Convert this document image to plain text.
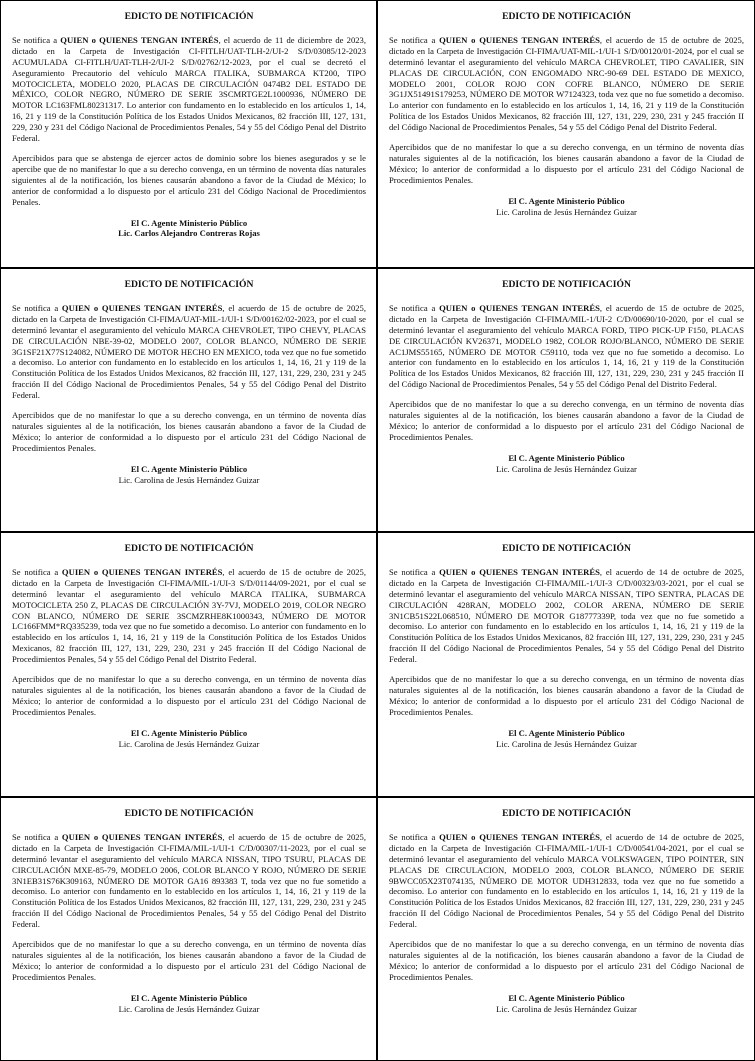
EDICTO DE NOTIFICACIÓN

Se notifica a QUIEN o QUIENES TENGAN INTERÉS, el acuerdo de 11 de diciembre de 2023, dictado en la Carpeta de Investigación CI-FITLH/UAT-TLH-2/UI-2 S/D/03085/12-2023 ACUMULADA CI-FITLH/UAT-TLH-2/UI-2 S/D/02762/12-2023, por el cual se decretó el Aseguramiento Precautorio del vehículo MARCA ITALIKA, SUBMARCA KT200, TIPO MOTOCICLETA, MODELO 2020, PLACAS DE CIRCULACIÓN 0474B2 DEL ESTADO DE MÉXICO, COLOR NEGRO, NÚMERO DE SERIE 3SCMRTGE2L1000936, NÚMERO DE MOTOR LC163FML80231317. Lo anterior con fundamento en lo establecido en los artículos 1, 14, 16, 21 y 119 de la Constitución Política de los Estados Unidos Mexicanos, 82 fracción III, 127, 131, 229, 230 y 231 del Código Nacional de Procedimientos Penales, 54 y 55 del Código Penal del Distrito Federal.

Apercibidos para que se abstenga de ejercer actos de dominio sobre los bienes asegurados y se le apercibe que de no manifestar lo que a su derecho convenga, en un término de noventa días naturales siguientes al de la notificación, los bienes causarán abandono a favor de la Ciudad de México; lo anterior de conformidad a lo dispuesto por el artículo 231 del Código Nacional de Procedimientos Penales.

El C. Agente Ministerio Público
Lic. Carlos Alejandro Contreras Rojas
EDICTO DE NOTIFICACIÓN

Se notifica a QUIEN o QUIENES TENGAN INTERÉS, el acuerdo de 15 de octubre de 2025, dictado en la Carpeta de Investigación CI-FIMA/UAT-MIL-1/UI-1 S/D/00120/01-2024, por el cual se determinó levantar el aseguramiento del vehículo MARCA CHEVROLET, TIPO CAVALIER, SIN PLACAS DE CIRCULACIÓN, CON ENGOMADO NRC-90-69 DEL ESTADO DE MEXICO, MODELO 2001, COLOR ROJO CON COFRE BLANCO, NÚMERO DE SERIE 3G1JX51491S179253, NÚMERO DE MOTOR W7124323, toda vez que no fue sometido a decomiso. Lo anterior con fundamento en lo establecido en los artículos 1, 14, 16, 21 y 119 de la Constitución Política de los Estados Unidos Mexicanos, 82 fracción III, 127, 131, 229, 230, 231 y 245 fracción II del Código Nacional de Procedimientos Penales, 54 y 55 del Código Penal del Distrito Federal.

Apercibidos que de no manifestar lo que a su derecho convenga, en un término de noventa días naturales siguientes al de la notificación, los bienes causarán abandono a favor de la Ciudad de México; lo anterior de conformidad a lo dispuesto por el artículo 231 del Código Nacional de Procedimientos Penales.

El C. Agente Ministerio Público
Lic. Carolina de Jesús Hernández Guizar
EDICTO DE NOTIFICACIÓN

Se notifica a QUIEN o QUIENES TENGAN INTERÉS, el acuerdo de 15 de octubre de 2025, dictado en la Carpeta de Investigación CI-FIMA/UAT-MIL-1/UI-1 S/D/00162/02-2023, por el cual se determinó levantar el aseguramiento del vehículo MARCA CHEVROLET, TIPO CHEVY, PLACAS DE CIRCULACIÓN NBE-39-02, MODELO 2007, COLOR BLANCO, NÚMERO DE SERIE 3G1SF21X77S124082, NÚMERO DE MOTOR HECHO EN MEXICO, toda vez que no fue sometido a decomiso. Lo anterior con fundamento en lo establecido en los artículos 1, 14, 16, 21 y 119 de la Constitución Política de los Estados Unidos Mexicanos, 82 fracción III, 127, 131, 229, 230, 231 y 245 fracción II del Código Nacional de Procedimientos Penales, 54 y 55 del Código Penal del Distrito Federal.

Apercibidos que de no manifestar lo que a su derecho convenga, en un término de noventa días naturales siguientes al de la notificación, los bienes causarán abandono a favor de la Ciudad de México; lo anterior de conformidad a lo dispuesto por el artículo 231 del Código Nacional de Procedimientos Penales.

El C. Agente Ministerio Público
Lic. Carolina de Jesús Hernández Guizar
EDICTO DE NOTIFICACIÓN

Se notifica a QUIEN o QUIENES TENGAN INTERÉS, el acuerdo de 15 de octubre de 2025, dictado en la Carpeta de Investigación CI-FIMA/MIL-1/UI-2 C/D/00690/10-2020, por el cual se determinó levantar el aseguramiento del vehículo MARCA FORD, TIPO PICK-UP F150, PLACAS DE CIRCULACIÓN KV26371, MODELO 1982, COLOR ROJO/BLANCO, NÚMERO DE SERIE AC1JMS55165, NÚMERO DE MOTOR C59110, toda vez que no fue sometido a decomiso. Lo anterior con fundamento en lo establecido en los artículos 1, 14, 16, 21 y 119 de la Constitución Política de los Estados Unidos Mexicanos, 82 fracción III, 127, 131, 229, 230, 231 y 245 fracción II del Código Nacional de Procedimientos Penales, 54 y 55 del Código Penal del Distrito Federal.

Apercibidos que de no manifestar lo que a su derecho convenga, en un término de noventa días naturales siguientes al de la notificación, los bienes causarán abandono a favor de la Ciudad de México; lo anterior de conformidad a lo dispuesto por el artículo 231 del Código Nacional de Procedimientos Penales.

El C. Agente Ministerio Público
Lic. Carolina de Jesús Hernández Guizar
EDICTO DE NOTIFICACIÓN

Se notifica a QUIEN o QUIENES TENGAN INTERÉS, el acuerdo de 15 de octubre de 2025, dictado en la Carpeta de Investigación CI-FIMA/MIL-1/UI-3 S/D/01144/09-2021, por el cual se determinó levantar el aseguramiento del vehículo MARCA ITALIKA, SUBMARCA MOTOCICLETA 250 Z, PLACAS DE CIRCULACIÓN 3Y-7VJ, MODELO 2019, COLOR NEGRO CON BLANCO, NÚMERO DE SERIE 3SCMZRHE8K1000343, NÚMERO DE MOTOR LC166FMM*RQ335239, toda vez que no fue sometido a decomiso. Lo anterior con fundamento en lo establecido en los artículos 1, 14, 16, 21 y 119 de la Constitución Política de los Estados Unidos Mexicanos, 82 fracción III, 127, 131, 229, 230, 231 y 245 fracción II del Código Nacional de Procedimientos Penales, 54 y 55 del Código Penal del Distrito Federal.

Apercibidos que de no manifestar lo que a su derecho convenga, en un término de noventa días naturales siguientes al de la notificación, los bienes causarán abandono a favor de la Ciudad de México; lo anterior de conformidad a lo dispuesto por el artículo 231 del Código Nacional de Procedimientos Penales.

El C. Agente Ministerio Público
Lic. Carolina de Jesús Hernández Guizar
EDICTO DE NOTIFICACIÓN

Se notifica a QUIEN o QUIENES TENGAN INTERÉS, el acuerdo de 14 de octubre de 2025, dictado en la Carpeta de Investigación CI-FIMA/MIL-1/UI-3 C/D/00323/03-2021, por el cual se determinó levantar el aseguramiento del vehículo MARCA NISSAN, TIPO SENTRA, PLACAS DE CIRCULACIÓN 428RAN, MODELO 2002, COLOR ARENA, NÚMERO DE SERIE 3N1CB51S22L068510, NÚMERO DE MOTOR G18777339P, toda vez que no fue sometido a decomiso. Lo anterior con fundamento en lo establecido en los artículos 1, 14, 16, 21 y 119 de la Constitución Política de los Estados Unidos Mexicanos, 82 fracción III, 127, 131, 229, 230, 231 y 245 fracción II del Código Nacional de Procedimientos Penales, 54 y 55 del Código Penal del Distrito Federal.

Apercibidos que de no manifestar lo que a su derecho convenga, en un término de noventa días naturales siguientes al de la notificación, los bienes causarán abandono a favor de la Ciudad de México; lo anterior de conformidad a lo dispuesto por el artículo 231 del Código Nacional de Procedimientos Penales.

El C. Agente Ministerio Público
Lic. Carolina de Jesús Hernández Guizar
EDICTO DE NOTIFICACIÓN

Se notifica a QUIEN o QUIENES TENGAN INTERÉS, el acuerdo de 15 de octubre de 2025, dictado en la Carpeta de Investigación CI-FIMA/MIL-1/UI-1 C/D/00307/11-2023, por el cual se determinó levantar el aseguramiento del vehículo MARCA NISSAN, TIPO TSURU, PLACAS DE CIRCULACIÓN MXE-85-79, MODELO 2006, COLOR BLANCO Y ROJO, NÚMERO DE SERIE 3N1EB31S76K309163, NÚMERO DE MOTOR GA16 893383 T, toda vez que no fue sometido a decomiso. Lo anterior con fundamento en lo establecido en los artículos 1, 14, 16, 21 y 119 de la Constitución Política de los Estados Unidos Mexicanos, 82 fracción III, 127, 131, 229, 230, 231 y 245 fracción II del Código Nacional de Procedimientos Penales, 54 y 55 del Código Penal del Distrito Federal.

Apercibidos que de no manifestar lo que a su derecho convenga, en un término de noventa días naturales siguientes al de la notificación, los bienes causarán abandono a favor de la Ciudad de México; lo anterior de conformidad a lo dispuesto por el artículo 231 del Código Nacional de Procedimientos Penales.

El C. Agente Ministerio Público
Lic. Carolina de Jesús Hernández Guizar
EDICTO DE NOTIFICACIÓN

Se notifica a QUIEN o QUIENES TENGAN INTERÉS, el acuerdo de 14 de octubre de 2025, dictado en la Carpeta de Investigación CI-FIMA/MIL-1/UI-1 C/D/00541/04-2021, por el cual se determinó levantar el aseguramiento del vehículo MARCA VOLKSWAGEN, TIPO POINTER, SIN PLACAS DE CIRCULACION, MODELO 2003, COLOR BLANCO, NÚMERO DE SERIE 9BWCC05X23T074135, NÚMERO DE MOTOR UDH312833, toda vez que no fue sometido a decomiso. Lo anterior con fundamento en lo establecido en los artículos 1, 14, 16, 21 y 119 de la Constitución Política de los Estados Unidos Mexicanos, 82 fracción III, 127, 131, 229, 230, 231 y 245 fracción II del Código Nacional de Procedimientos Penales, 54 y 55 del Código Penal del Distrito Federal.

Apercibidos que de no manifestar lo que a su derecho convenga, en un término de noventa días naturales siguientes al de la notificación, los bienes causarán abandono a favor de la Ciudad de México; lo anterior de conformidad a lo dispuesto por el artículo 231 del Código Nacional de Procedimientos Penales.

El C. Agente Ministerio Público
Lic. Carolina de Jesús Hernández Guizar
